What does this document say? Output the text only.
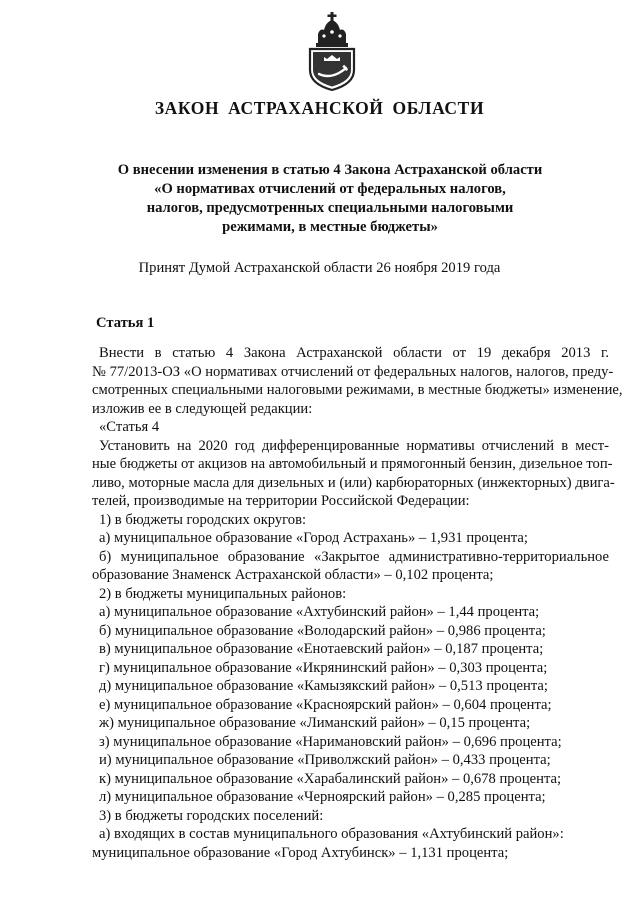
ЗАКОН АСТРАХАНСКОЙ ОБЛАСТИ
О внесении изменения в статью 4 Закона Астраханской области
«О нормативах отчислений от федеральных налогов,
налогов, предусмотренных специальными налоговыми
режимами, в местные бюджеты»
Принят Думой Астраханской области 26 ноября 2019 года
Статья 1
Внести в статью 4 Закона Астраханской области от 19 декабря 2013 г.
№ 77/2013-ОЗ «О нормативах отчислений от федеральных налогов, налогов, преду-
смотренных специальными налоговыми режимами, в местные бюджеты» изменение,
изложив ее в следующей редакции:
«Статья 4
Установить на 2020 год дифференцированные нормативы отчислений в мест-
ные бюджеты от акцизов на автомобильный и прямогонный бензин, дизельное топ-
ливо, моторные масла для дизельных и (или) карбюраторных (инжекторных) двига-
телей, производимые на территории Российской Федерации:
1) в бюджеты городских округов:
а) муниципальное образование «Город Астрахань» – 1,931 процента;
б) муниципальное образование «Закрытое административно-территориальное
образование Знаменск Астраханской области» – 0,102 процента;
2) в бюджеты муниципальных районов:
а) муниципальное образование «Ахтубинский район» – 1,44 процента;
б) муниципальное образование «Володарский район» – 0,986 процента;
в) муниципальное образование «Енотаевский район» – 0,187 процента;
г) муниципальное образование «Икрянинский район» – 0,303 процента;
д) муниципальное образование «Камызякский район» – 0,513 процента;
е) муниципальное образование «Красноярский район» – 0,604 процента;
ж) муниципальное образование «Лиманский район» – 0,15 процента;
з) муниципальное образование «Наримановский район» – 0,696 процента;
и) муниципальное образование «Приволжский район» – 0,433 процента;
к) муниципальное образование «Харабалинский район» – 0,678 процента;
л) муниципальное образование «Черноярский район» – 0,285 процента;
3) в бюджеты городских поселений:
а) входящих в состав муниципального образования «Ахтубинский район»:
муниципальное образование «Город Ахтубинск» – 1,131 процента;
